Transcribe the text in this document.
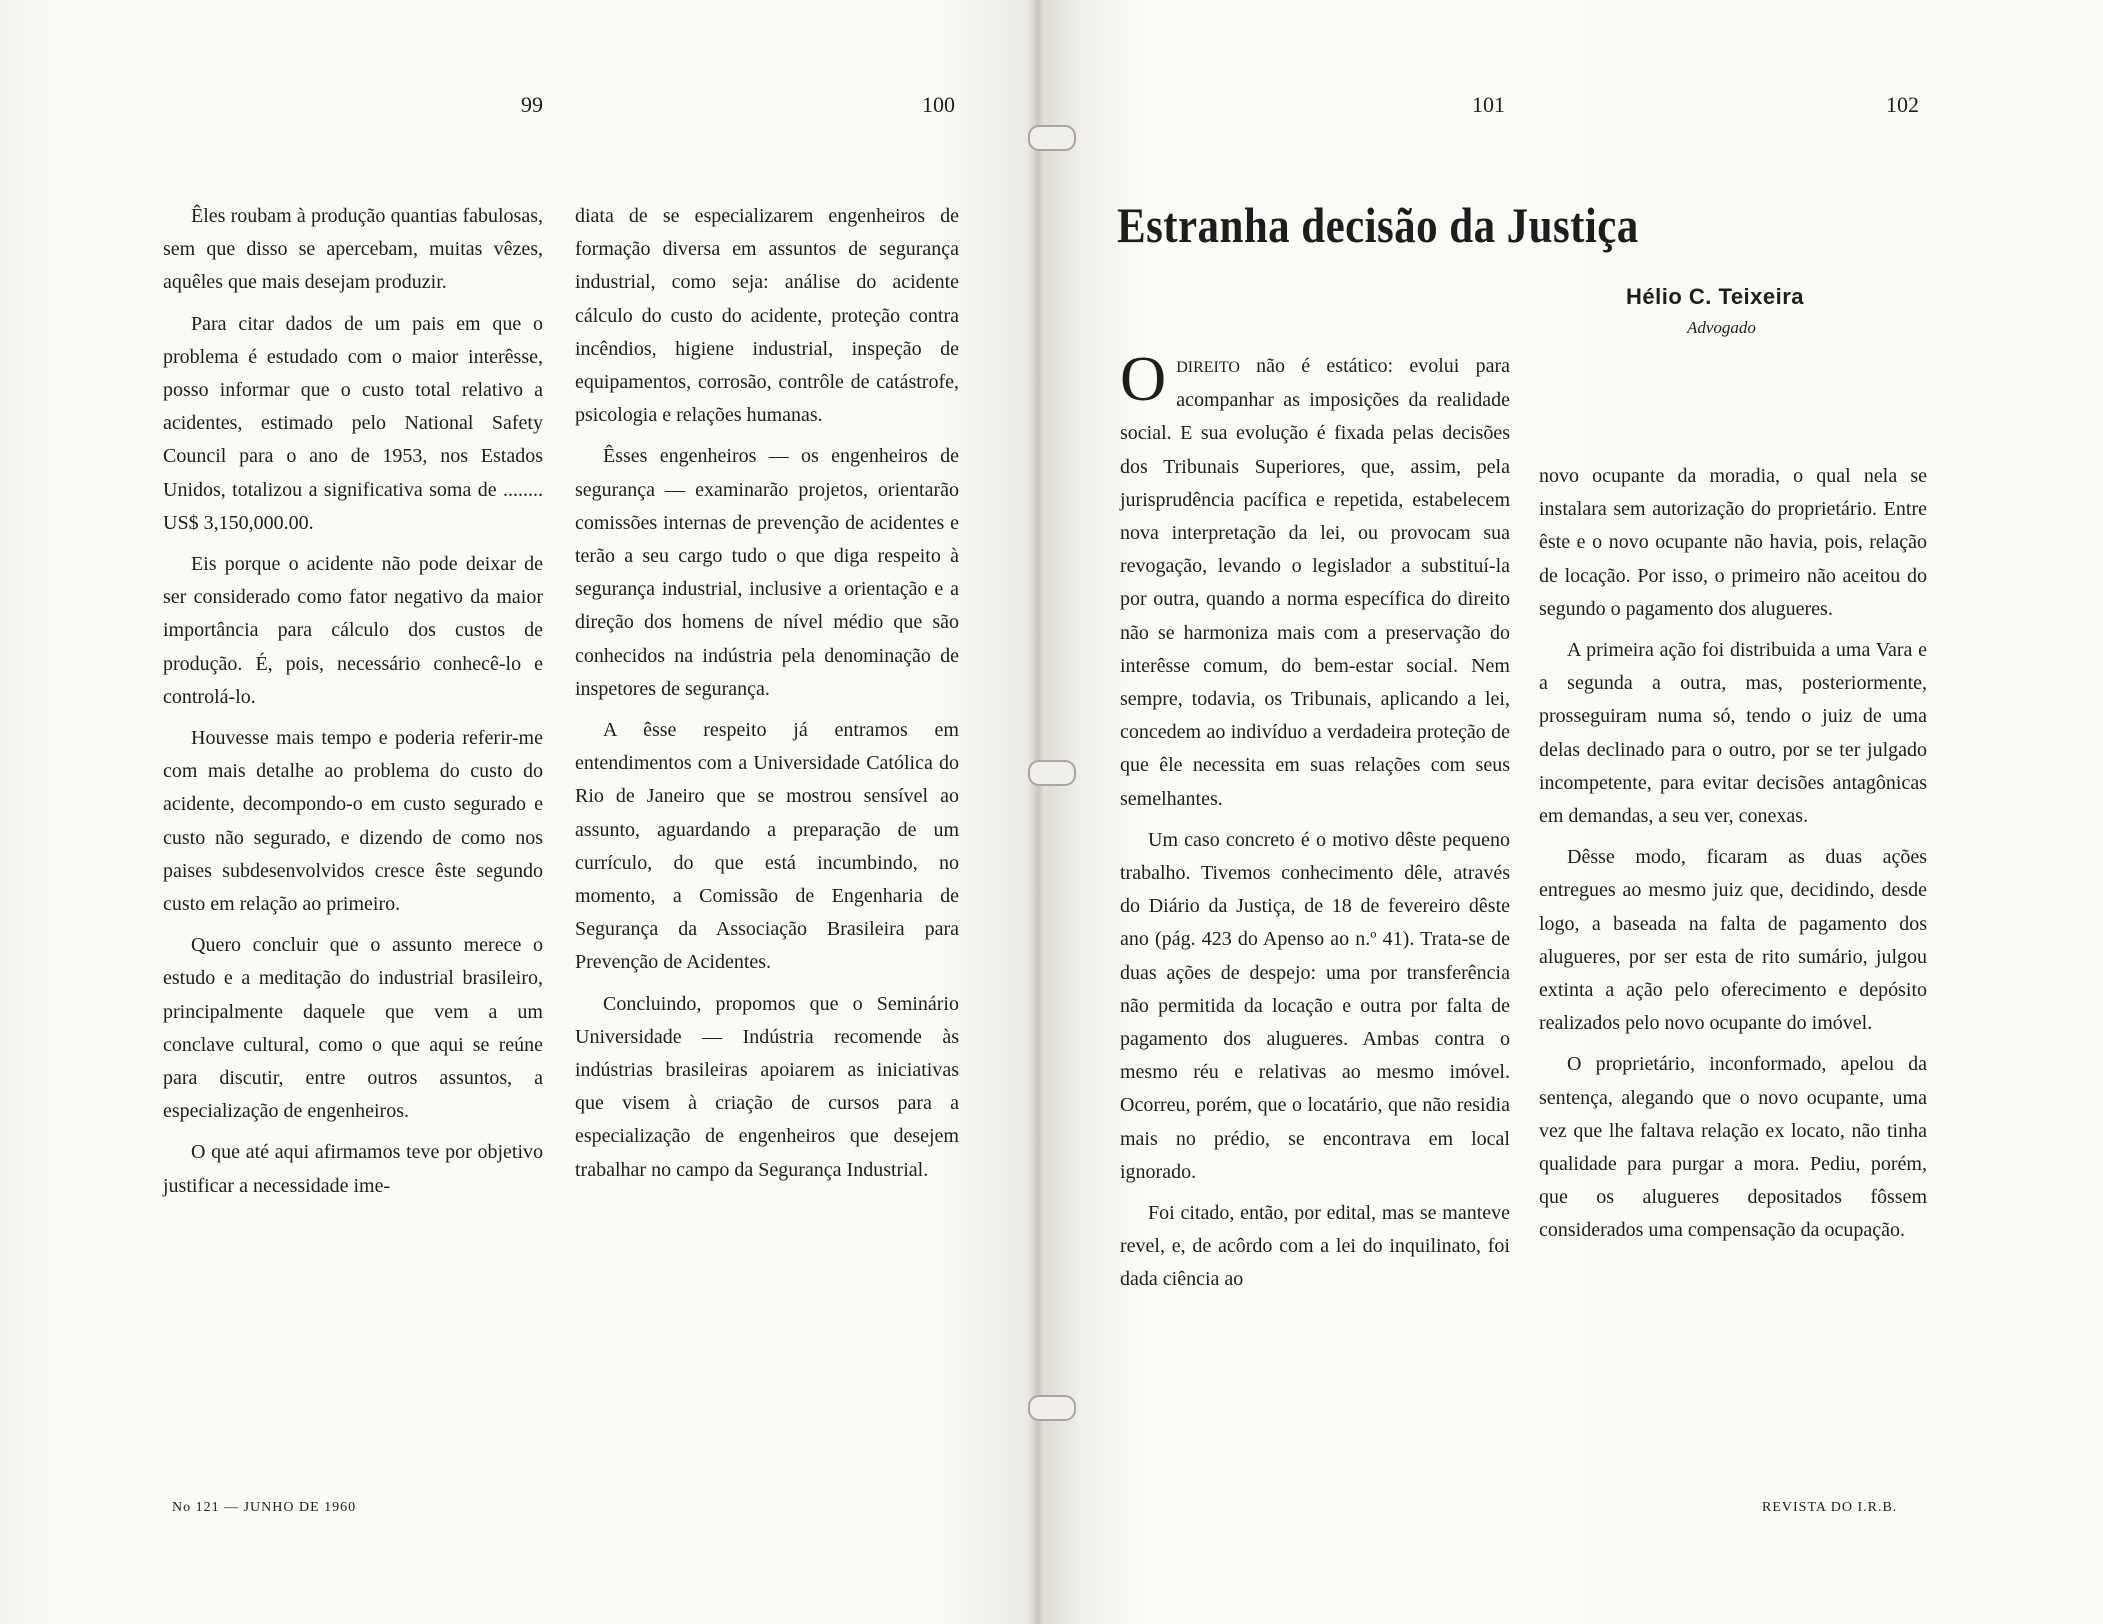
99	100	101	102

Êles roubam à produção quantias fabulosas, sem que disso se apercebam, muitas vêzes, aquêles que mais desejam produzir.

Para citar dados de um pais em que o problema é estudado com o maior interêsse, posso informar que o custo total relativo a acidentes, estimado pelo National Safety Council para o ano de 1953, nos Estados Unidos, totalizou a significativa soma de ........ US$ 3,150,000.00.

Eis porque o acidente não pode deixar de ser considerado como fator negativo da maior importância para cálculo dos custos de produção. É, pois, necessário conhecê-lo e controlá-lo.

Houvesse mais tempo e poderia referir-me com mais detalhe ao problema do custo do acidente, decompondo-o em custo segurado e custo não segurado, e dizendo de como nos paises subdesenvolvidos cresce êste segundo custo em relação ao primeiro.

Quero concluir que o assunto merece o estudo e a meditação do industrial brasileiro, principalmente daquele que vem a um conclave cultural, como o que aqui se reúne para discutir, entre outros assuntos, a especialização de engenheiros.

O que até aqui afirmamos teve por objetivo justificar a necessidade ime-

diata de se especializarem engenheiros de formação diversa em assuntos de segurança industrial, como seja: análise do acidente cálculo do custo do acidente, proteção contra incêndios, higiene industrial, inspeção de equipamentos, corrosão, contrôle de catástrofe, psicologia e relações humanas.

Êsses engenheiros — os engenheiros de segurança — examinarão projetos, orientarão comissões internas de prevenção de acidentes e terão a seu cargo tudo o que diga respeito à segurança industrial, inclusive a orientação e a direção dos homens de nível médio que são conhecidos na indústria pela denominação de inspetores de segurança.

A êsse respeito já entramos em entendimentos com a Universidade Católica do Rio de Janeiro que se mostrou sensível ao assunto, aguardando a preparação de um currículo, do que está incumbindo, no momento, a Comissão de Engenharia de Segurança da Associação Brasileira para Prevenção de Acidentes.

Concluindo, propomos que o Seminário Universidade — Indústria recomende às indústrias brasileiras apoiarem as iniciativas que visem à criação de cursos para a especialização de engenheiros que desejem trabalhar no campo da Segurança Industrial.

No 121 — JUNHO DE 1960
Estranha decisão da Justiça
Hélio C. Teixeira
Advogado

ODIREITO não é estático: evolui para acompanhar as imposições da realidade social. E sua evolução é fixada pelas decisões dos Tribunais Superiores, que, assim, pela jurisprudência pacífica e repetida, estabelecem nova interpretação da lei, ou provocam sua revogação, levando o legislador a substituí-la por outra, quando a norma específica do direito não se harmoniza mais com a preservação do interêsse comum, do bem-estar social. Nem sempre, todavia, os Tribunais, aplicando a lei, concedem ao indivíduo a verdadeira proteção de que êle necessita em suas relações com seus semelhantes.

Um caso concreto é o motivo dêste pequeno trabalho. Tivemos conhecimento dêle, através do Diário da Justiça, de 18 de fevereiro dêste ano (pág. 423 do Apenso ao n.º 41). Trata-se de duas ações de despejo: uma por transferência não permitida da locação e outra por falta de pagamento dos alugueres. Ambas contra o mesmo réu e relativas ao mesmo imóvel. Ocorreu, porém, que o locatário, que não residia mais no prédio, se encontrava em local ignorado.

Foi citado, então, por edital, mas se manteve revel, e, de acôrdo com a lei do inquilinato, foi dada ciência ao

novo ocupante da moradia, o qual nela se instalara sem autorização do proprietário. Entre êste e o novo ocupante não havia, pois, relação de locação. Por isso, o primeiro não aceitou do segundo o pagamento dos alugueres.

A primeira ação foi distribuida a uma Vara e a segunda a outra, mas, posteriormente, prosseguiram numa só, tendo o juiz de uma delas declinado para o outro, por se ter julgado incompetente, para evitar decisões antagônicas em demandas, a seu ver, conexas.

Dêsse modo, ficaram as duas ações entregues ao mesmo juiz que, decidindo, desde logo, a baseada na falta de pagamento dos alugueres, por ser esta de rito sumário, julgou extinta a ação pelo oferecimento e depósito realizados pelo novo ocupante do imóvel.

O proprietário, inconformado, apelou da sentença, alegando que o novo ocupante, uma vez que lhe faltava relação ex locato, não tinha qualidade para purgar a mora. Pediu, porém, que os alugueres depositados fôssem considerados uma compensação da ocupação.

REVISTA DO I.R.B.
